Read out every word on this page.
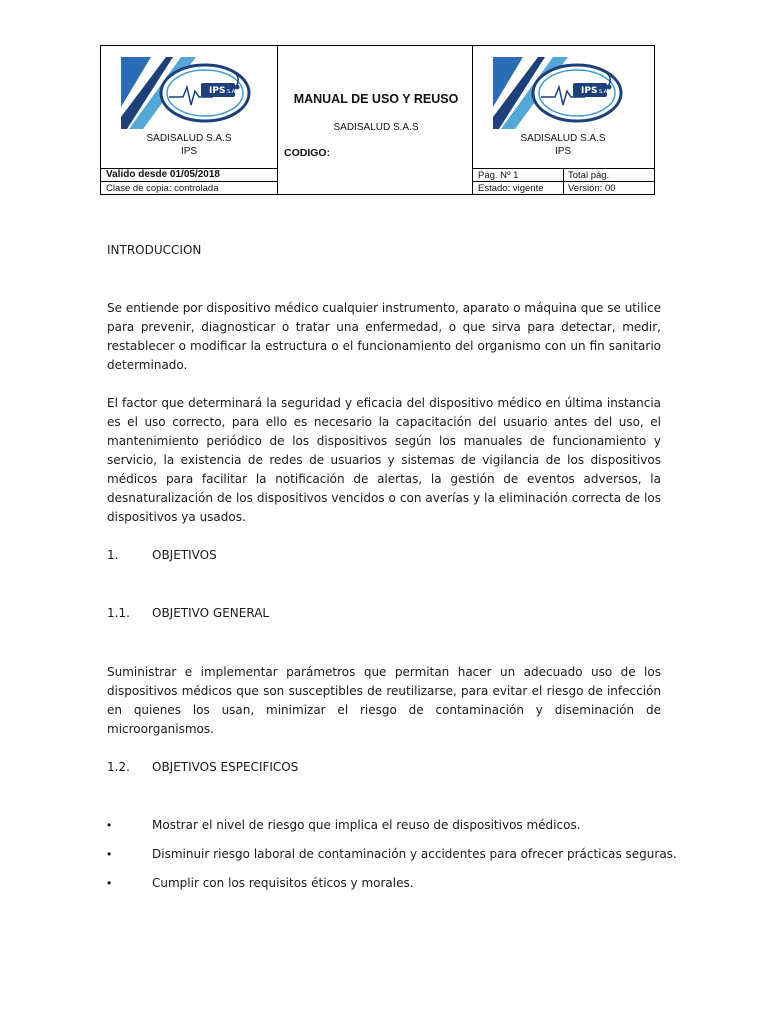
IPS S.A.S
SADISALUD S.A.S
IPS
Valido desde 01/05/2018
Clase de copia: controlada
MANUAL DE USO Y REUSO
SADISALUD S.A.S
CODIGO:
IPS S.A.S
SADISALUD S.A.S
IPS
Pág. Nº 1	Total pág.
Estado: vigente	Versión: 00
INTRODUCCION

Se entiende por dispositivo médico cualquier instrumento, aparato o máquina que se utilice para prevenir, diagnosticar o tratar una enfermedad, o que sirva para detectar, medir, restablecer o modificar la estructura o el funcionamiento del organismo con un fin sanitario determinado.

El factor que determinará la seguridad y eficacia del dispositivo médico en última instancia es el uso correcto, para ello es necesario la capacitación del usuario antes del uso, el mantenimiento periódico de los dispositivos según los manuales de funcionamiento y servicio, la existencia de redes de usuarios y sistemas de vigilancia de los dispositivos médicos para facilitar la notificación de alertas, la gestión de eventos adversos, la desnaturalización de los dispositivos vencidos o con averías y la eliminación correcta de los dispositivos ya usados.

1.	OBJETIVOS
1.1. OBJETIVO GENERAL

Suministrar e implementar parámetros que permitan hacer un adecuado uso de los dispositivos médicos que son susceptibles de reutilizarse, para evitar el riesgo de infección en quienes los usan, minimizar el riesgo de contaminación y diseminación de microorganismos.

1.2. OBJETIVOS ESPECIFICOS
•	Mostrar el nivel de riesgo que implica el reuso de dispositivos médicos.
•	Disminuir riesgo laboral de contaminación y accidentes para ofrecer prácticas seguras.
•	Cumplir con los requisitos éticos y morales.
